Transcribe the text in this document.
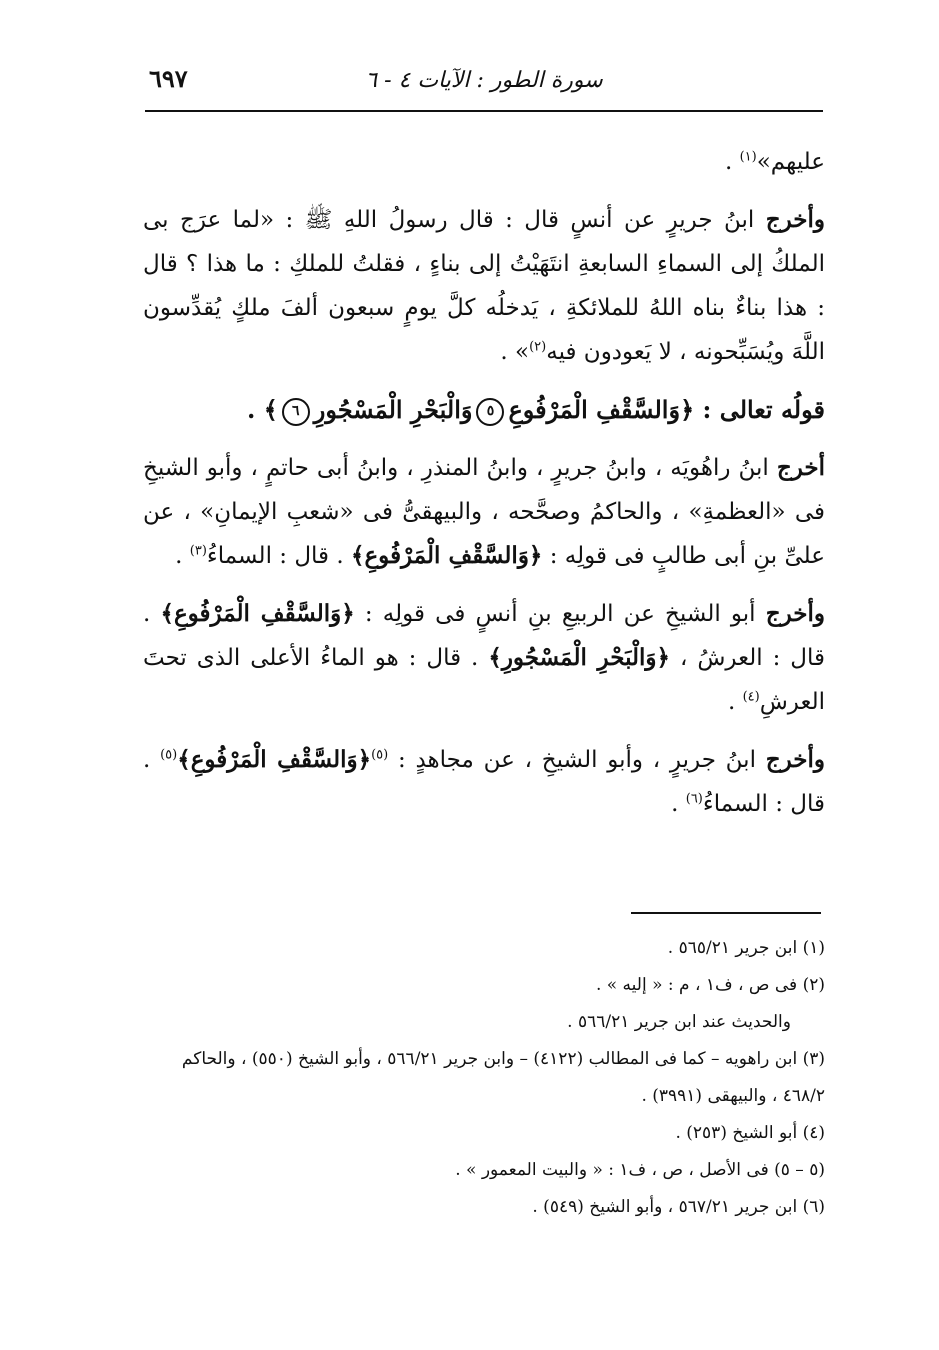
سورة الطور : الآيات ٤ - ٦
٦٩٧

عليهم»$^{(١)}$ .

وأخرج ابنُ جريرٍ عن أنسٍ قال : قال رسولُ اللهِ ﷺ : «لما عرَج بى الملكُ إلى السماءِ السابعةِ انتَهَيْتُ إلى بناءٍ ، فقلتُ للملكِ : ما هذا ؟ قال : هذا بناءٌ بناه اللهُ للملائكةِ ، يَدخلُه كلَّ يومٍ سبعون ألفَ ملكٍ يُقدِّسون اللَّهَ ويُسَبِّحونه ، لا يَعودون فيه$^{(٢)}$» .

قولُه تعالى : ﴿وَالسَّقْفِ الْمَرْفُوعِ٥وَالْبَحْرِ الْمَسْجُورِ٦﴾ .

أخرج ابنُ راهُويَه ، وابنُ جريرٍ ، وابنُ المنذرِ ، وابنُ أبى حاتمٍ ، وأبو الشيخِ فى «العظمةِ» ، والحاكمُ وصحَّحه ، والبيهقىُّ فى «شعبِ الإيمانِ» ، عن علىِّ بنِ أبى طالبٍ فى قولِه : ﴿وَالسَّقْفِ الْمَرْفُوعِ﴾ . قال : السماءُ$^{(٣)}$ .

وأخرج أبو الشيخِ عن الربيعِ بنِ أنسٍ فى قولِه : ﴿وَالسَّقْفِ الْمَرْفُوعِ﴾ . قال : العرشُ ، ﴿وَالْبَحْرِ الْمَسْجُورِ﴾ . قال : هو الماءُ الأعلى الذى تحتَ العرشِ$^{(٤)}$ .

وأخرج ابنُ جريرٍ ، وأبو الشيخِ ، عن مجاهدٍ : $^{(٥)}$﴿وَالسَّقْفِ الْمَرْفُوعِ﴾$^{(٥)}$ . قال : السماءُ$^{(٦)}$ .

(١) ابن جرير ٥٦٥/٢١ .

(٢) فى ص ، ف١ ، م : « إليه » .

والحديث عند ابن جرير ٥٦٦/٢١ .

(٣) ابن راهويه – كما فى المطالب (٤١٢٢) – وابن جرير ٥٦٦/٢١ ، وأبو الشيخ (٥٥٠) ، والحاكم ٤٦٨/٢ ، والبيهقى (٣٩٩١) .

(٤) أبو الشيخ (٢٥٣) .

(٥ – ٥) فى الأصل ، ص ، ف١ : « والبيت المعمور » .

(٦) ابن جرير ٥٦٧/٢١ ، وأبو الشيخ (٥٤٩) .
